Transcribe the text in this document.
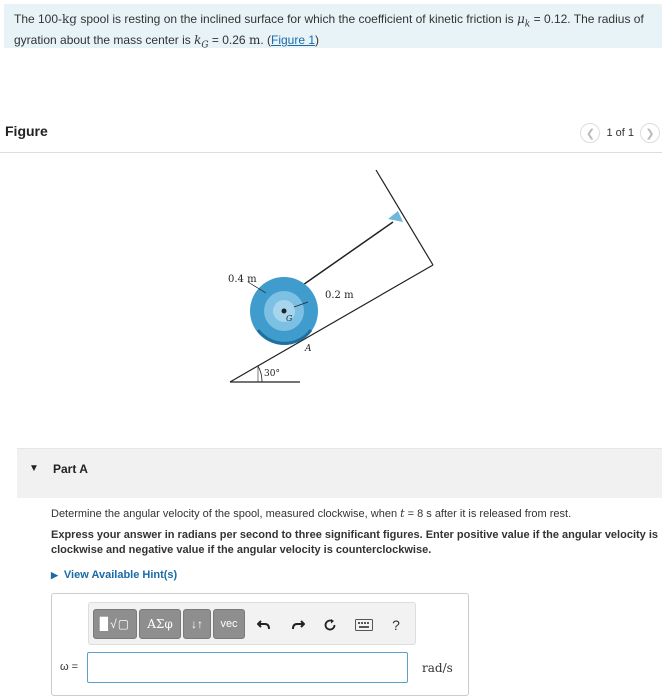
The 100-kg spool is resting on the inclined surface for which the coefficient of kinetic friction is $\mu_k = 0.12$. The radius of gyration about the mass center is $k_G = 0.26$ m. (Figure 1)
Figure	❮	1 of 1	❯
0.4 m
0.2 m
G
A
30°
▼ Part A
Determine the angular velocity of the spool, measured clockwise, when t = 8 s after it is released from rest.
Express your answer in radians per second to three significant figures. Enter positive value if the angular velocity is clockwise and negative value if the angular velocity is counterclockwise.
▶ View Available Hint(s)
▉√▢	ΑΣφ	↓↑	vec	?
ω =	rad/s
